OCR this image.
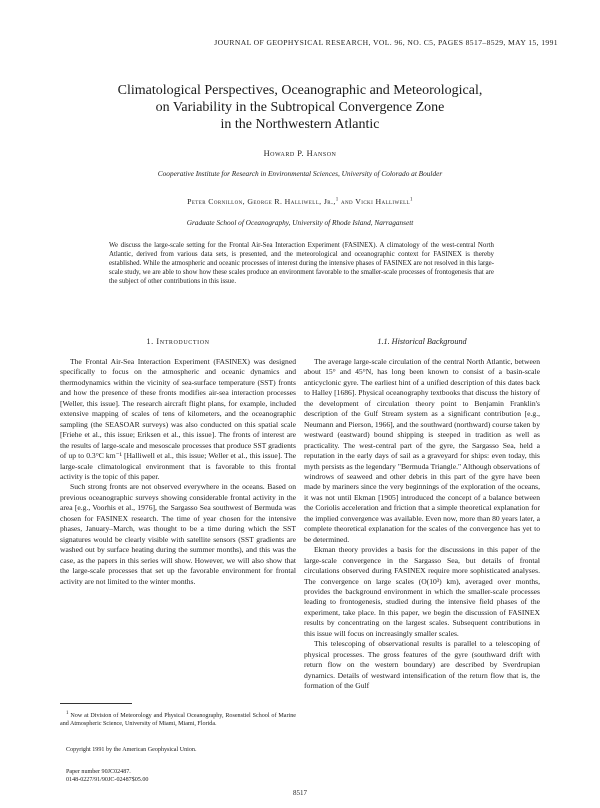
JOURNAL OF GEOPHYSICAL RESEARCH, VOL. 96, NO. C5, PAGES 8517–8529, MAY 15, 1991
Climatological Perspectives, Oceanographic and Meteorological,
on Variability in the Subtropical Convergence Zone
in the Northwestern Atlantic
Howard P. Hanson
Cooperative Institute for Research in Environmental Sciences, University of Colorado at Boulder
Peter Cornillon, George R. Halliwell, Jr.,$^1$ and Vicki Halliwell$^1$
Graduate School of Oceanography, University of Rhode Island, Narragansett
We discuss the large-scale setting for the Frontal Air-Sea Interaction Experiment (FASINEX). A climatology of the west-central North Atlantic, derived from various data sets, is presented, and the meteorological and oceanographic context for FASINEX is thereby established. While the atmospheric and oceanic processes of interest during the intensive phases of FASINEX are not resolved in this large-scale study, we are able to show how these scales produce an environment favorable to the smaller-scale processes of frontogenesis that are the subject of other contributions in this issue.
1. Introduction

The Frontal Air-Sea Interaction Experiment (FASINEX) was designed specifically to focus on the atmospheric and oceanic dynamics and thermodynamics within the vicinity of sea-surface temperature (SST) fronts and how the presence of these fronts modifies air-sea interaction processes [Weller, this issue]. The research aircraft flight plans, for example, included extensive mapping of scales of tens of kilometers, and the oceanographic sampling (the SEASOAR surveys) was also conducted on this spatial scale [Friehe et al., this issue; Eriksen et al., this issue]. The fronts of interest are the results of large-scale and mesoscale processes that produce SST gradients of up to 0.3°C km⁻¹ [Halliwell et al., this issue; Weller et al., this issue]. The large-scale climatological environment that is favorable to this frontal activity is the topic of this paper.

Such strong fronts are not observed everywhere in the oceans. Based on previous oceanographic surveys showing considerable frontal activity in the area [e.g., Voorhis et al., 1976], the Sargasso Sea southwest of Bermuda was chosen for FASINEX research. The time of year chosen for the intensive phases, January–March, was thought to be a time during which the SST signatures would be clearly visible with satellite sensors (SST gradients are washed out by surface heating during the summer months), and this was the case, as the papers in this series will show. However, we will also show that the large-scale processes that set up the favorable environment for frontal activity are not limited to the winter months.

1.1. Historical Background

The average large-scale circulation of the central North Atlantic, between about 15° and 45°N, has long been known to consist of a basin-scale anticyclonic gyre. The earliest hint of a unified description of this dates back to Halley [1686]. Physical oceanography textbooks that discuss the history of the development of circulation theory point to Benjamin Franklin's description of the Gulf Stream system as a significant contribution [e.g., Neumann and Pierson, 1966], and the southward (northward) course taken by westward (eastward) bound shipping is steeped in tradition as well as practicality. The west-central part of the gyre, the Sargasso Sea, held a reputation in the early days of sail as a graveyard for ships: even today, this myth persists as the legendary "Bermuda Triangle." Although observations of windrows of seaweed and other debris in this part of the gyre have been made by mariners since the very beginnings of the exploration of the oceans, it was not until Ekman [1905] introduced the concept of a balance between the Coriolis acceleration and friction that a simple theoretical explanation for the implied convergence was available. Even now, more than 80 years later, a complete theoretical explanation for the scales of the convergence has yet to be determined.

Ekman theory provides a basis for the discussions in this paper of the large-scale convergence in the Sargasso Sea, but details of frontal circulations observed during FASINEX require more sophisticated analyses. The convergence on large scales (O(10³) km), averaged over months, provides the background environment in which the smaller-scale processes leading to frontogenesis, studied during the intensive field phases of the experiment, take place. In this paper, we begin the discussion of FASINEX results by concentrating on the largest scales. Subsequent contributions in this issue will focus on increasingly smaller scales.

This telescoping of observational results is parallel to a telescoping of physical processes. The gross features of the gyre (southward drift with return flow on the western boundary) are described by Sverdrupian dynamics. Details of westward intensification of the return flow that is, the formation of the Gulf

$^1$ Now at Division of Meteorology and Physical Oceanography, Rosenstiel School of Marine and Atmospheric Science, University of Miami, Miami, Florida.
Copyright 1991 by the American Geophysical Union.
Paper number 90JC02487.
0148-0227/91/90JC-02487$05.00
8517
